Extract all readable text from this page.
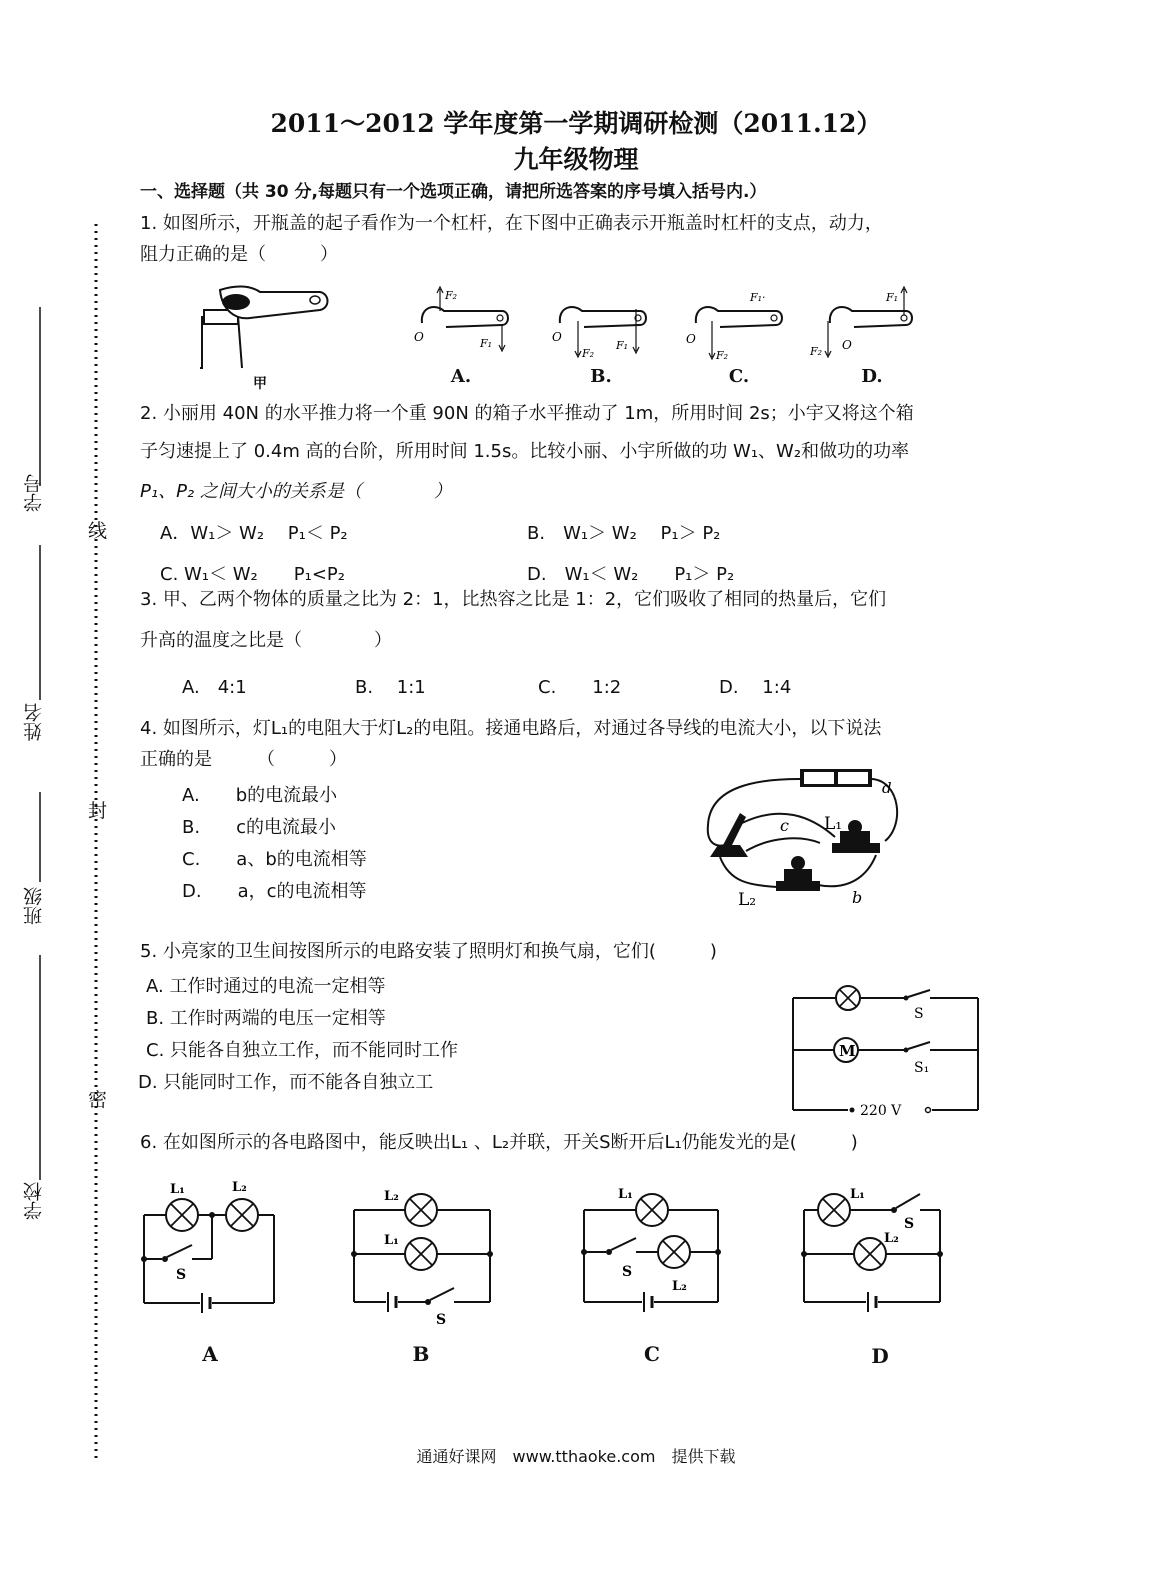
学号
姓名
班级
学校
线
封
密
2011～2012 学年度第一学期调研检测（2011.12）
九年级物理
一、选择题（共 30 分,每题只有一个选项正确，请把所选答案的序号填入括号内.）
1. 如图所示，开瓶盖的起子看作为一个杠杆，在下图中正确表示开瓶盖时杠杆的支点，动力，
阻力正确的是（　　　）
F₂
F₁
O
F₂
F₁
O
F₂
F₁·
O
F₁
F₂ O
甲	A.	B.	C.	D.
2. 小丽用 40N 的水平推力将一个重 90N 的箱子水平推动了 1m，所用时间 2s；小宇又将这个箱
子匀速提上了 0.4m 高的台阶，所用时间 1.5s。比较小丽、小宇所做的功 W₁、W₂和做功的功率
P₁、P₂ 之间大小的关系是（　　　　）
A．W₁＞ W₂　 P₁＜ P₂	B.　W₁＞ W₂　 P₁＞ P₂
C. W₁＜ W₂　　P₁<P₂	D.　W₁＜ W₂　　P₁＞ P₂
3. 甲、乙两个物体的质量之比为 2：1，比热容之比是 1：2，它们吸收了相同的热量后，它们
升高的温度之比是（　　　　）
A.　4:1	B.　 1:1	C.　　1:2	D.　 1:4
4. 如图所示，灯L₁的电阻大于灯L₂的电阻。接通电路后，对通过各导线的电流大小，以下说法
正确的是　　　（　　　）
A.　　b的电流最小
B.　　c的电流最小
C.　　a、b的电流相等
D.　　a，c的电流相等
c
d
L₁
L₂	b
5. 小亮家的卫生间按图所示的电路安装了照明灯和换气扇，它们(　　　)
A. 工作时通过的电流一定相等
B. 工作时两端的电压一定相等
C. 只能各自独立工作，而不能同时工作
D. 只能同时工作，而不能各自独立工
M
S
S₁
220 V
6. 在如图所示的各电路图中，能反映出L₁ 、L₂并联，开关S断开后L₁仍能发光的是(　　　)
L₁	L₂
S
L₂
L₁
S
L₁
S
L₂
L₁
S
L₂
A	B	C	D
通通好课网　www.tthaoke.com　提供下载
